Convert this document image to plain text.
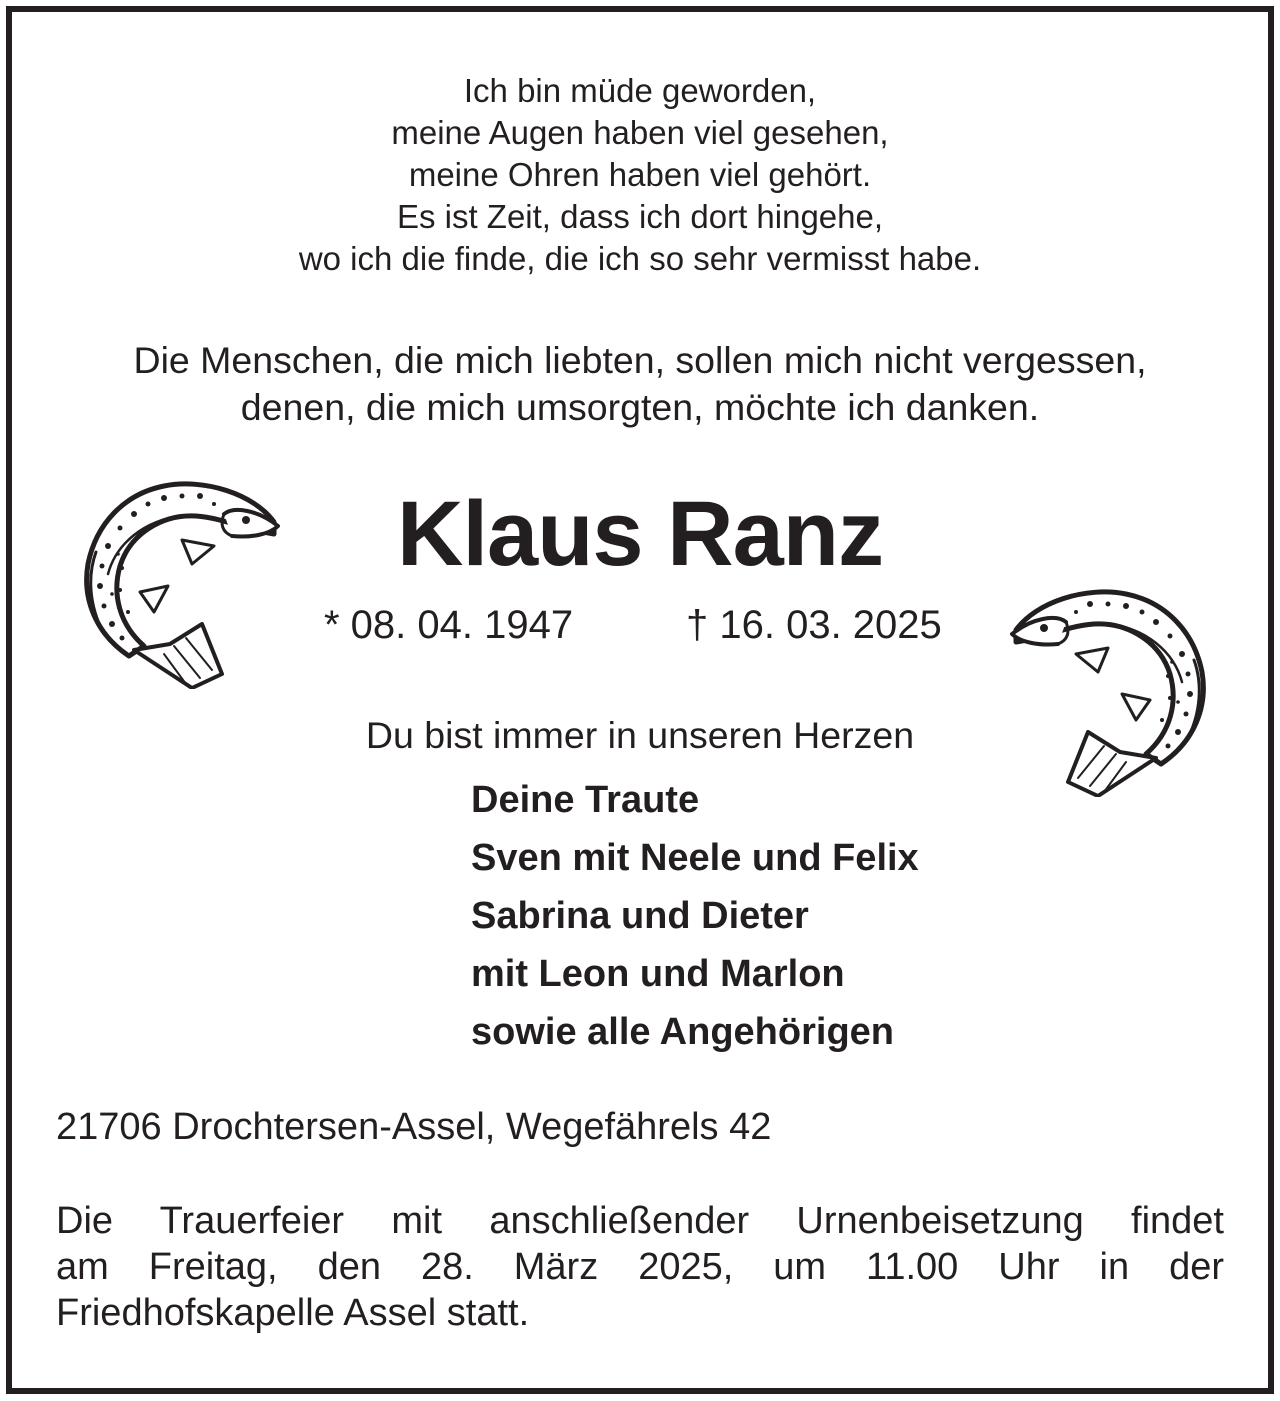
Ich bin müde geworden,
meine Augen haben viel gesehen,
meine Ohren haben viel gehört.
Es ist Zeit, dass ich dort hingehe,
wo ich die finde, die ich so sehr vermisst habe.
Die Menschen, die mich liebten, sollen mich nicht vergessen,
denen, die mich umsorgten, möchte ich danken.
Klaus Ranz
* 08. 04. 1947	† 16. 03. 2025
Du bist immer in unseren Herzen
Deine Traute
Sven mit Neele und Felix
Sabrina und Dieter
mit Leon und Marlon
sowie alle Angehörigen
21706 Drochtersen-Assel, Wegefährels 42
Die Trauerfeier mit anschließender Urnenbeisetzung findet
am Freitag, den 28. März 2025, um 11.00 Uhr in der
Friedhofskapelle Assel statt.
